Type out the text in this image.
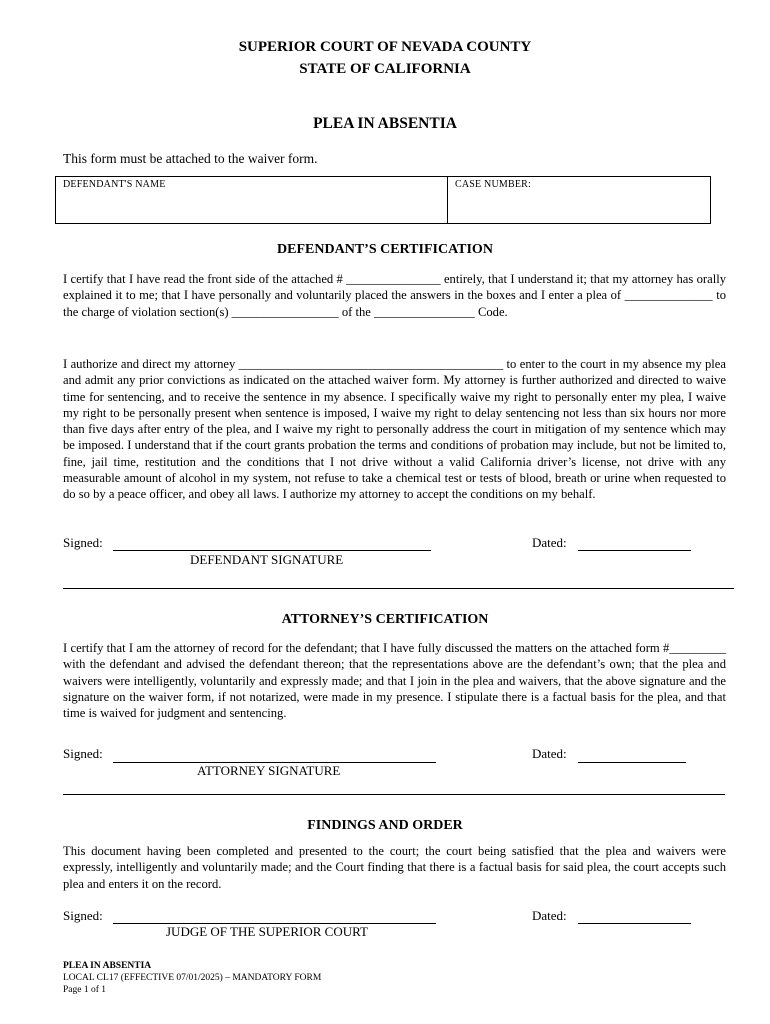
SUPERIOR COURT OF NEVADA COUNTY
STATE OF CALIFORNIA
PLEA IN ABSENTIA
This form must be attached to the waiver form.
DEFENDANT'S NAME	CASE NUMBER:
DEFENDANT’S CERTIFICATION
I certify that I have read the front side of the attached # _______________ entirely, that I understand it; that my attorney has orally explained it to me; that I have personally and voluntarily placed the answers in the boxes and I enter a plea of ______________ to the charge of violation section(s) _________________ of the ________________ Code.
I authorize and direct my attorney __________________________________________ to enter to the court in my absence my plea and admit any prior convictions as indicated on the attached waiver form. My attorney is further authorized and directed to waive time for sentencing, and to receive the sentence in my absence. I specifically waive my right to personally enter my plea, I waive my right to be personally present when sentence is imposed, I waive my right to delay sentencing not less than six hours nor more than five days after entry of the plea, and I waive my right to personally address the court in mitigation of my sentence which may be imposed. I understand that if the court grants probation the terms and conditions of probation may include, but not be limited to, fine, jail time, restitution and the conditions that I not drive without a valid California driver’s license, not drive with any measurable amount of alcohol in my system, not refuse to take a chemical test or tests of blood, breath or urine when requested to do so by a peace officer, and obey all laws. I authorize my attorney to accept the conditions on my behalf.
Signed:
DEFENDANT SIGNATURE
Dated:
ATTORNEY’S CERTIFICATION
I certify that I am the attorney of record for the defendant; that I have fully discussed the matters on the attached form #_________ with the defendant and advised the defendant thereon; that the representations above are the defendant’s own; that the plea and waivers were intelligently, voluntarily and expressly made; and that I join in the plea and waivers, that the above signature and the signature on the waiver form, if not notarized, were made in my presence. I stipulate there is a factual basis for the plea, and that time is waived for judgment and sentencing.
Signed:
ATTORNEY SIGNATURE
Dated:
FINDINGS AND ORDER
This document having been completed and presented to the court; the court being satisfied that the plea and waivers were expressly, intelligently and voluntarily made; and the Court finding that there is a factual basis for said plea, the court accepts such plea and enters it on the record.
Signed:
JUDGE OF THE SUPERIOR COURT
Dated:
PLEA IN ABSENTIA
LOCAL CL17 (EFFECTIVE 07/01/2025) – MANDATORY FORM
Page 1 of 1
